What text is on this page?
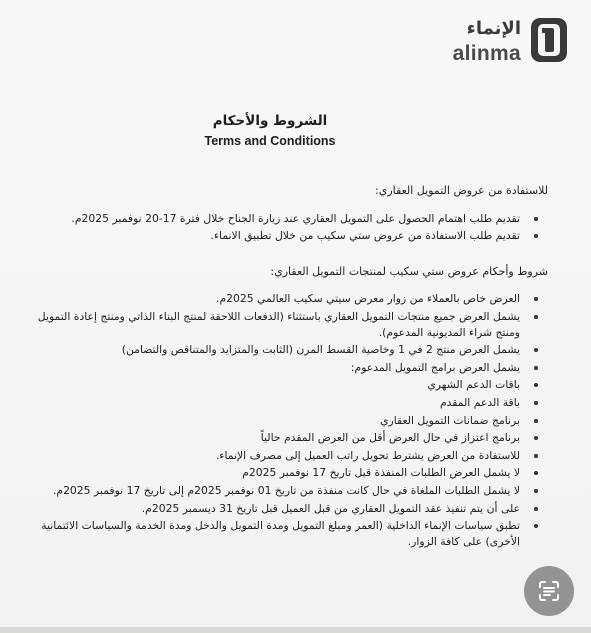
الإنماء
alinma
الشروط والأحكام
Terms and Conditions

للاستفادة من عروض التمويل العقاري:

تقديم طلب اهتمام الحصول على التمويل العقاري عند زيارة الجناح خلال فترة 17-20 نوفمبر 2025م.
تقديم طلب الاستفادة من عروض ستي سكيب من خلال تطبيق الانماء.

شروط وأحكام عروض ستي سكيب لمنتجات التمويل العقاري:

العرض خاص بالعملاء من زوار معرض سيتي سكيب العالمي 2025م.
يشمل العرض جميع منتجات التمويل العقاري باستثناء (الدفعات اللاحقة لمنتج البناء الذاتي ومنتج إعادة التمويل ومنتج شراء المديونية المدعوم).
يشمل العرض منتج 2 في 1 وخاصية القسط المرن (الثابت والمتزايد والمتناقص والتضامن)
يشمل العرض برامج التمويل المدعوم:
باقات الدعم الشهري
باقة الدعم المقدم
برنامج ضمانات التمويل العقاري
برنامج اعتزاز في حال العرض أقل من العرض المقدم حالياً
للاستفادة من العرض يشترط تحويل راتب العميل إلى مصرف الإنماء.
لا يشمل العرض الطلبات المنفذة قبل تاريخ 17 نوفمبر 2025م
لا يشمل الطلبات الملغاة في حال كانت منفذة من تاريخ 01 نوفمبر 2025م إلى تاريخ 17 نوفمبر 2025م.
على أن يتم تنفيذ عقد التمويل العقاري من قبل العميل قبل تاريخ 31 ديسمبر 2025م.
تطبق سياسات الإنماء الداخلية (العمر ومبلغ التمويل ومدة التمويل والدخل ومدة الخدمة والسياسات الائتمانية الأخرى) على كافة الزوار.
